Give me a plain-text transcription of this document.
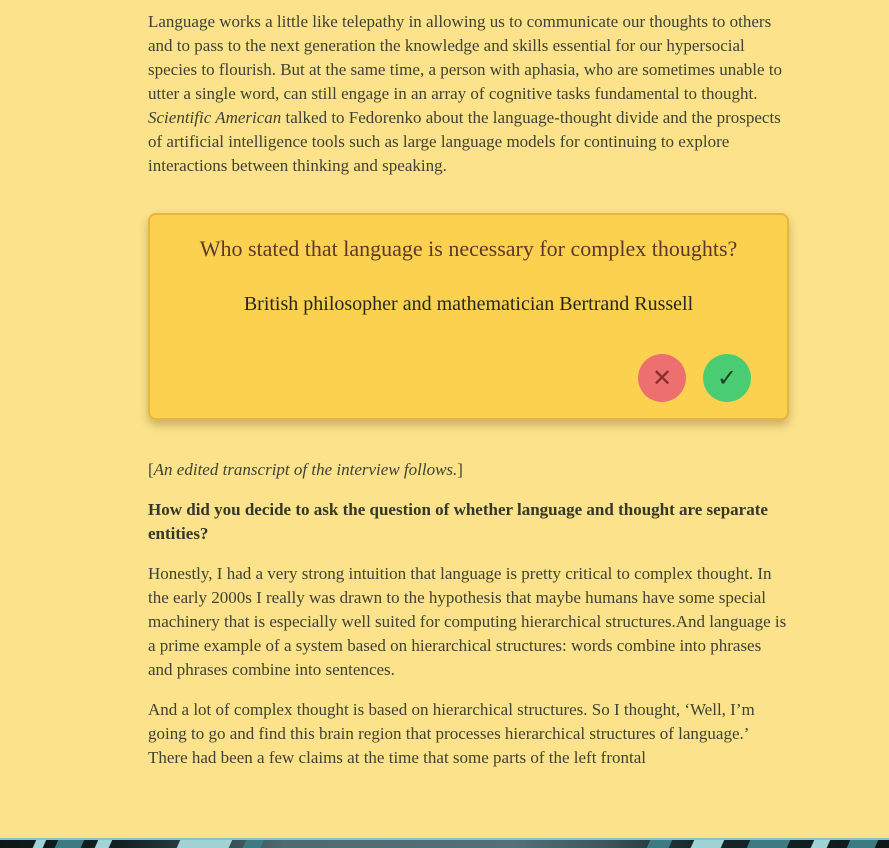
Language works a little like telepathy in allowing us to communicate our thoughts to others and to pass to the next generation the knowledge and skills essential for our hypersocial species to flourish. But at the same time, a person with aphasia, who are sometimes unable to utter a single word, can still engage in an array of cognitive tasks fundamental to thought. Scientific American talked to Fedorenko about the language-thought divide and the prospects of artificial intelligence tools such as large language models for continuing to explore interactions between thinking and speaking.

Who stated that language is necessary for complex thoughts?
British philosopher and mathematician Bertrand Russell
✕ ✓

[An edited transcript of the interview follows.]

How did you decide to ask the question of whether language and thought are separate entities?

Honestly, I had a very strong intuition that language is pretty critical to complex thought. In the early 2000s I really was drawn to the hypothesis that maybe humans have some special machinery that is especially well suited for computing hierarchical structures.And language is a prime example of a system based on hierarchical structures: words combine into phrases and phrases combine into sentences.

And a lot of complex thought is based on hierarchical structures. So I thought, ‘Well, I’m going to go and find this brain region that processes hierarchical structures of language.’ There had been a few claims at the time that some parts of the left frontal
